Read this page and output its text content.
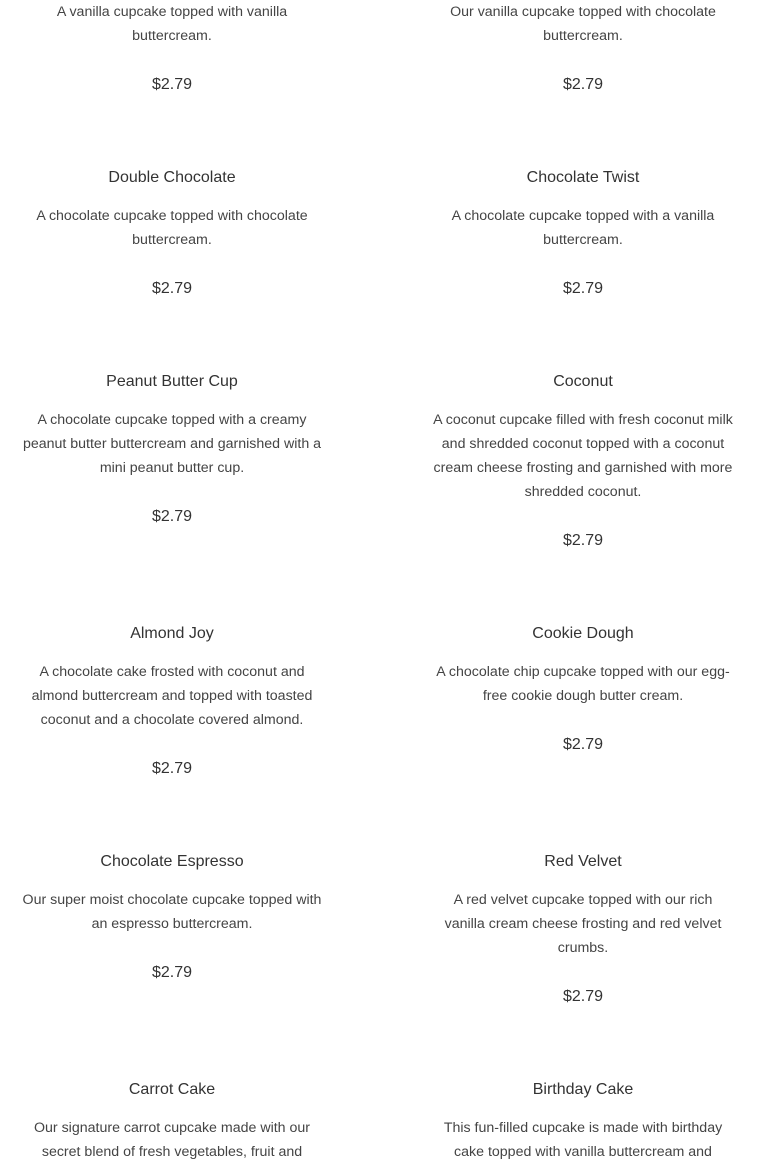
A vanilla cupcake topped with vanilla buttercream.

$2.79

Our vanilla cupcake topped with chocolate buttercream.

$2.79
Double Chocolate

A chocolate cupcake topped with chocolate buttercream.

$2.79
Chocolate Twist

A chocolate cupcake topped with a vanilla buttercream.

$2.79
Peanut Butter Cup

A chocolate cupcake topped with a creamy peanut butter buttercream and garnished with a mini peanut butter cup.

$2.79
Coconut

A coconut cupcake filled with fresh coconut milk and shredded coconut topped with a coconut cream cheese frosting and garnished with more shredded coconut.

$2.79
Almond Joy

A chocolate cake frosted with coconut and almond buttercream and topped with toasted coconut and a chocolate covered almond.

$2.79
Cookie Dough

A chocolate chip cupcake topped with our egg-free cookie dough butter cream.

$2.79
Chocolate Espresso

Our super moist chocolate cupcake topped with an espresso buttercream.

$2.79
Red Velvet

A red velvet cupcake topped with our rich vanilla cream cheese frosting and red velvet crumbs.

$2.79
Carrot Cake

Our signature carrot cupcake made with our secret blend of fresh vegetables, fruit and

Birthday Cake

This fun-filled cupcake is made with birthday cake topped with vanilla buttercream and
